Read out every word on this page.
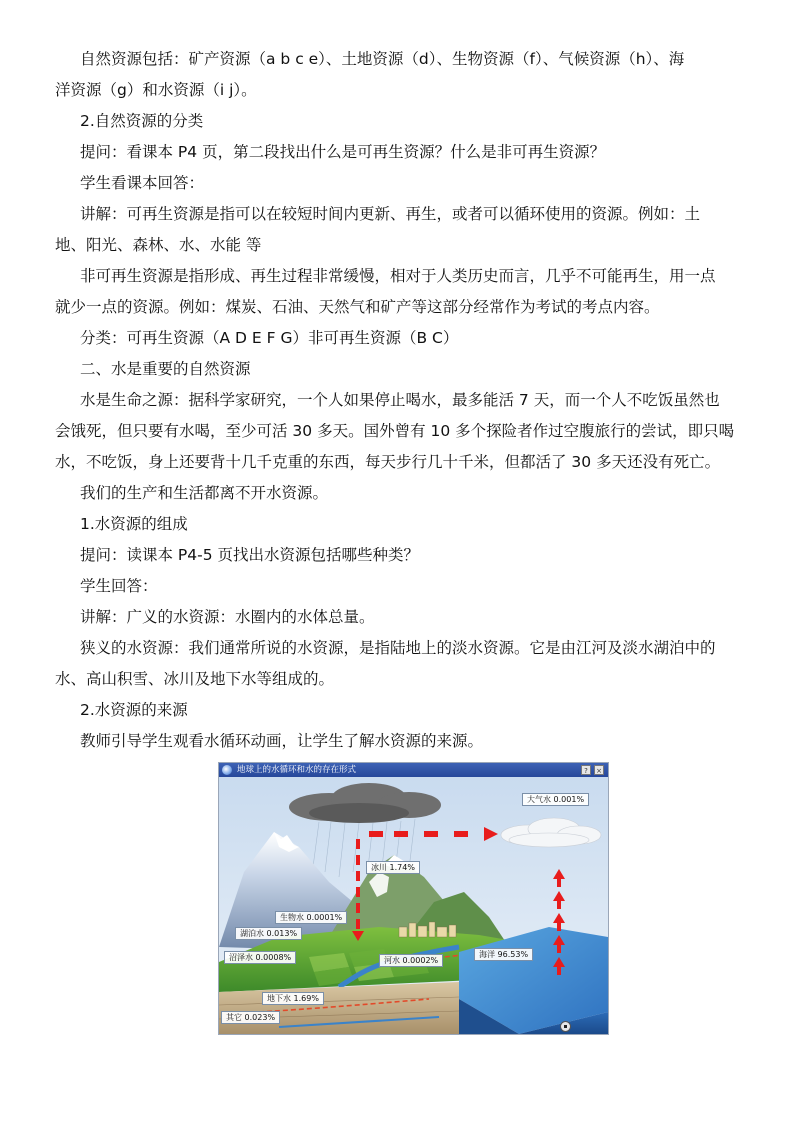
自然资源包括：矿产资源（a b c e）、土地资源（d）、生物资源（f）、气候资源（h）、海
洋资源（g）和水资源（i j）。

2.自然资源的分类

提问：看课本 P4 页，第二段找出什么是可再生资源？什么是非可再生资源？

学生看课本回答：

讲解：可再生资源是指可以在较短时间内更新、再生，或者可以循环使用的资源。例如：土
地、阳光、森林、水、水能 等

非可再生资源是指形成、再生过程非常缓慢，相对于人类历史而言，几乎不可能再生，用一点
就少一点的资源。例如：煤炭、石油、天然气和矿产等这部分经常作为考试的考点内容。

分类：可再生资源（A D E F G）非可再生资源（B C）

二、水是重要的自然资源

水是生命之源：据科学家研究，一个人如果停止喝水，最多能活 7 天，而一个人不吃饭虽然也
会饿死，但只要有水喝，至少可活 30 多天。国外曾有 10 多个探险者作过空腹旅行的尝试，即只喝
水，不吃饭，身上还要背十几千克重的东西，每天步行几十千米，但都活了 30 多天还没有死亡。

我们的生产和生活都离不开水资源。

1.水资源的组成

提问：读课本 P4-5 页找出水资源包括哪些种类？

学生回答：

讲解：广义的水资源：水圈内的水体总量。

狭义的水资源：我们通常所说的水资源，是指陆地上的淡水资源。它是由江河及淡水湖泊中的
水、高山积雪、冰川及地下水等组成的。

2.水资源的来源

教师引导学生观看水循环动画，让学生了解水资源的来源。

地球上的水循环和水的存在形式	?	×
大气水 0.001%
冰川 1.74%
生物水 0.0001%
湖泊水 0.013%
沼泽水 0.0008%	河水 0.0002%
海洋 96.53%
地下水 1.69%
其它 0.023%
